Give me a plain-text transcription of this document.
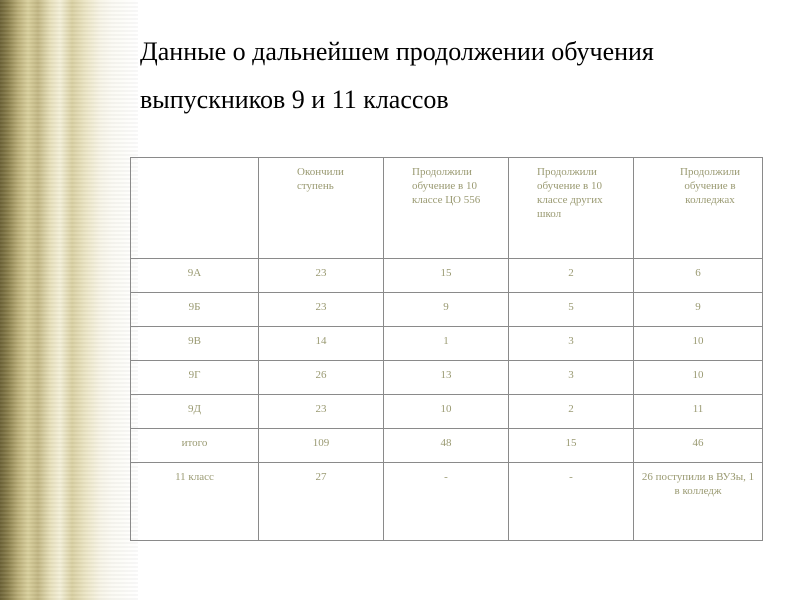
Данные о дальнейшем продолжении обучения
выпускников 9 и 11 классов
	Окончили ступень	Продолжили обучение в 10 классе ЦО 556	Продолжили обучение в 10 классе других школ	Продолжили обучение в колледжах
9А	23	15	2	6
9Б	23	9	5	9
9В	14	1	3	10
9Г	26	13	3	10
9Д	23	10	2	11
итого	109	48	15	46
11 класс	27	-	-	26 поступили в ВУЗы, 1 в колледж
